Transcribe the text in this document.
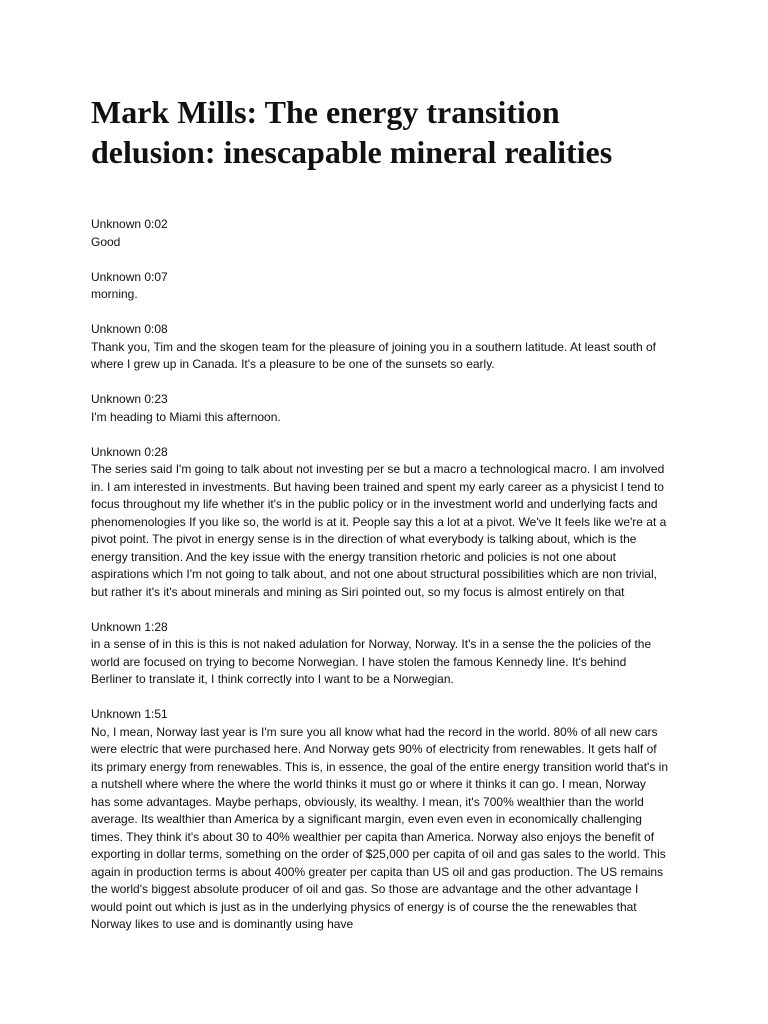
Mark Mills: The energy transition delusion: inescapable mineral realities
Unknown 0:02
Good
Unknown 0:07
morning.
Unknown 0:08
Thank you, Tim and the skogen team for the pleasure of joining you in a southern latitude. At least south of where I grew up in Canada. It's a pleasure to be one of the sunsets so early.
Unknown 0:23
I'm heading to Miami this afternoon.
Unknown 0:28
The series said I'm going to talk about not investing per se but a macro a technological macro. I am involved in. I am interested in investments. But having been trained and spent my early career as a physicist I tend to focus throughout my life whether it's in the public policy or in the investment world and underlying facts and phenomenologies If you like so, the world is at it. People say this a lot at a pivot. We've It feels like we're at a pivot point. The pivot in energy sense is in the direction of what everybody is talking about, which is the energy transition. And the key issue with the energy transition rhetoric and policies is not one about aspirations which I'm not going to talk about, and not one about structural possibilities which are non trivial, but rather it's it's about minerals and mining as Siri pointed out, so my focus is almost entirely on that
Unknown 1:28
in a sense of in this is this is not naked adulation for Norway, Norway. It's in a sense the the policies of the world are focused on trying to become Norwegian. I have stolen the famous Kennedy line. It's behind Berliner to translate it, I think correctly into I want to be a Norwegian.
Unknown 1:51
No, I mean, Norway last year is I'm sure you all know what had the record in the world. 80% of all new cars were electric that were purchased here. And Norway gets 90% of electricity from renewables. It gets half of its primary energy from renewables. This is, in essence, the goal of the entire energy transition world that's in a nutshell where where the where the world thinks it must go or where it thinks it can go. I mean, Norway has some advantages. Maybe perhaps, obviously, its wealthy. I mean, it's 700% wealthier than the world average. Its wealthier than America by a significant margin, even even even in economically challenging times. They think it's about 30 to 40% wealthier per capita than America. Norway also enjoys the benefit of exporting in dollar terms, something on the order of $25,000 per capita of oil and gas sales to the world. This again in production terms is about 400% greater per capita than US oil and gas production. The US remains the world's biggest absolute producer of oil and gas. So those are advantage and the other advantage I would point out which is just as in the underlying physics of energy is of course the the renewables that Norway likes to use and is dominantly using have
